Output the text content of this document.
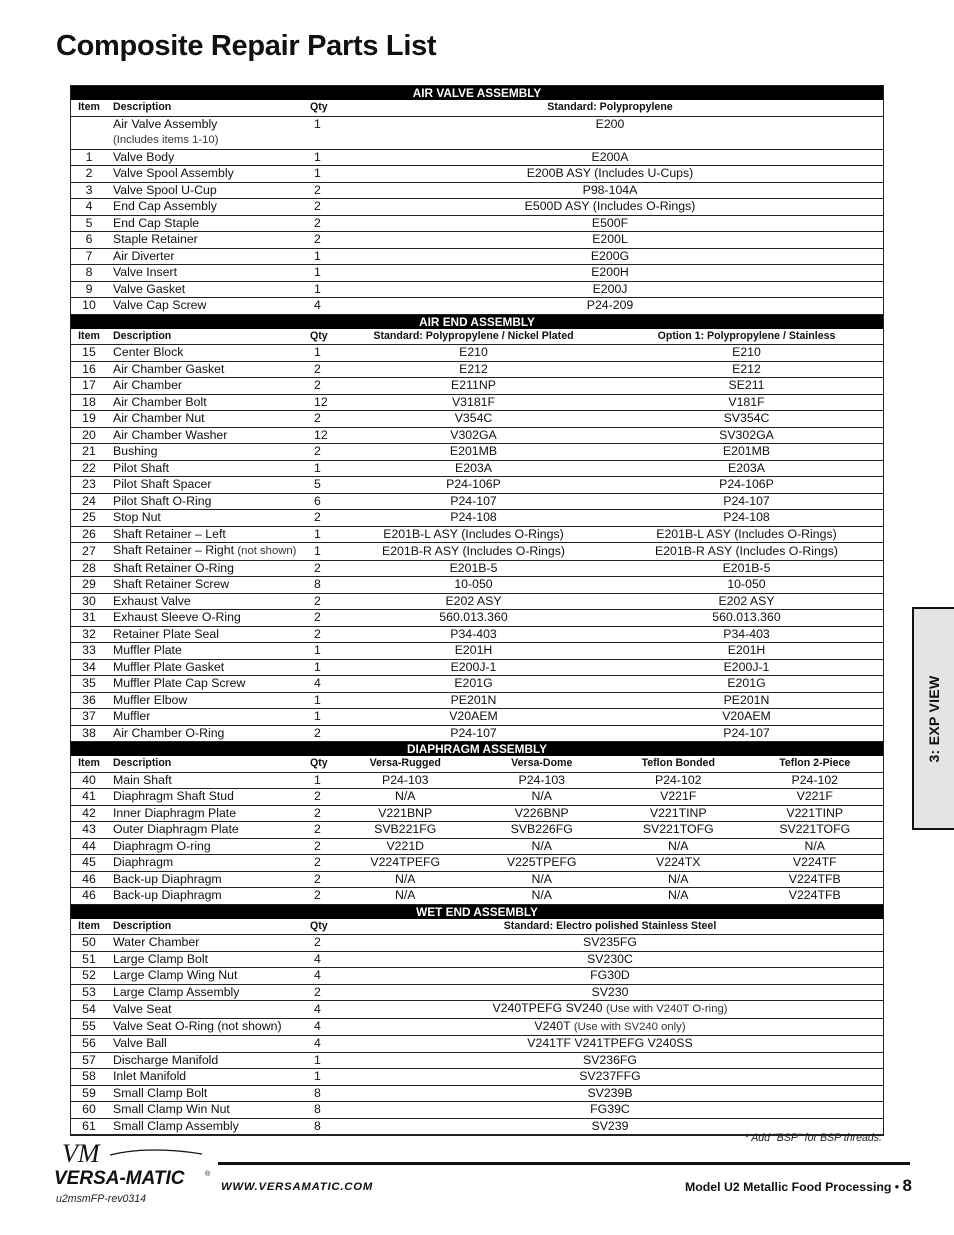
Composite Repair Parts List
AIR VALVE ASSEMBLY						
Item	Description	Qty	Standard: Polypropylene			
	Air Valve Assembly	1	E200			
	(Includes items 1-10)					
1	Valve Body	1	E200A			
2	Valve Spool Assembly	1	E200B ASY (Includes U-Cups)			
3	Valve Spool U-Cup	2	P98-104A			
4	End Cap Assembly	2	E500D ASY (Includes O-Rings)			
5	End Cap Staple	2	E500F			
6	Staple Retainer	2	E200L			
7	Air Diverter	1	E200G			
8	Valve Insert	1	E200H			
9	Valve Gasket	1	E200J			
10	Valve Cap Screw	4	P24-209			
AIR END ASSEMBLY						
Item	Description	Qty	Standard: Polypropylene / Nickel Plated		Option 1: Polypropylene / Stainless	
15	Center Block	1	E210		E210	
16	Air Chamber Gasket	2	E212		E212	
17	Air Chamber	2	E211NP		SE211	
18	Air Chamber Bolt	12	V3181F		V181F	
19	Air Chamber Nut	2	V354C		SV354C	
20	Air Chamber Washer	12	V302GA		SV302GA	
21	Bushing	2	E201MB		E201MB	
22	Pilot Shaft	1	E203A		E203A	
23	Pilot Shaft Spacer	5	P24-106P		P24-106P	
24	Pilot Shaft O-Ring	6	P24-107		P24-107	
25	Stop Nut	2	P24-108		P24-108	
26	Shaft Retainer – Left	1	E201B-L ASY (Includes O-Rings)		E201B-L ASY (Includes O-Rings)	
27	Shaft Retainer – Right (not shown)	1	E201B-R ASY (Includes O-Rings)		E201B-R ASY (Includes O-Rings)	
28	Shaft Retainer O-Ring	2	E201B-5		E201B-5	
29	Shaft Retainer Screw	8	10-050		10-050	
30	Exhaust Valve	2	E202 ASY		E202 ASY	
31	Exhaust Sleeve O-Ring	2	560.013.360		560.013.360	
32	Retainer Plate Seal	2	P34-403		P34-403	
33	Muffler Plate	1	E201H		E201H	
34	Muffler Plate Gasket	1	E200J-1		E200J-1	
35	Muffler Plate Cap Screw	4	E201G		E201G	
36	Muffler Elbow	1	PE201N		PE201N	
37	Muffler	1	V20AEM		V20AEM	
38	Air Chamber O-Ring	2	P24-107		P24-107	
DIAPHRAGM ASSEMBLY						
Item	Description	Qty	Versa-Rugged	Versa-Dome	Teflon Bonded	Teflon 2-Piece
40	Main Shaft	1	P24-103	P24-103	P24-102	P24-102
41	Diaphragm Shaft Stud	2	N/A	N/A	V221F	V221F
42	Inner Diaphragm Plate	2	V221BNP	V226BNP	V221TINP	V221TINP
43	Outer Diaphragm Plate	2	SVB221FG	SVB226FG	SV221TOFG	SV221TOFG
44	Diaphragm O-ring	2	V221D	N/A	N/A	N/A
45	Diaphragm	2	V224TPEFG	V225TPEFG	V224TX	V224TF
46	Back-up Diaphragm	2	N/A	N/A	N/A	V224TFB
46	Back-up Diaphragm	2	N/A	N/A	N/A	V224TFB
WET END ASSEMBLY						
Item	Description	Qty	Standard: Electro polished Stainless Steel			
50	Water Chamber	2	SV235FG			
51	Large Clamp Bolt	4	SV230C			
52	Large Clamp Wing Nut	4	FG30D			
53	Large Clamp Assembly	2	SV230			
54	Valve Seat	4	V240TPEFG SV240 (Use with V240T O-ring)			
55	Valve Seat O-Ring (not shown)	4	V240T (Use with SV240 only)			
56	Valve Ball	4	V241TF V241TPEFG V240SS			
57	Discharge Manifold	1	SV236FG			
58	Inlet Manifold	1	SV237FFG			
59	Small Clamp Bolt	8	SV239B			
60	Small Clamp Win Nut	8	FG39C			
61	Small Clamp Assembly	8	SV239			
* Add "BSP" for BSP threads.
3: EXP VIEW
VM
VERSA-MATIC	®
WWW.VERSAMATIC.COM	Model U2 Metallic Food Processing • 8
u2msmFP-rev0314
